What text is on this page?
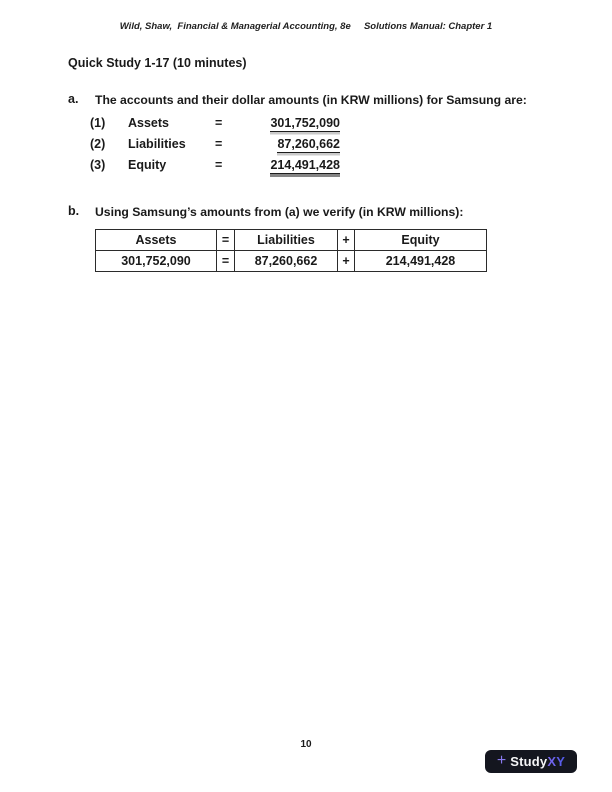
Wild, Shaw,  Financial & Managerial Accounting, 8e     Solutions Manual: Chapter 1
Quick Study 1-17 (10 minutes)
a.	The accounts and their dollar amounts (in KRW millions) for Samsung are:
(1)	Assets	=	301,752,090
(2)	Liabilities	=	87,260,662
(3)	Equity	=	214,491,428
b.	Using Samsung’s amounts from (a) we verify (in KRW millions):
Assets	=	Liabilities	+	Equity
301,752,090	=	87,260,662	+	214,491,428
10
+ StudyXY
